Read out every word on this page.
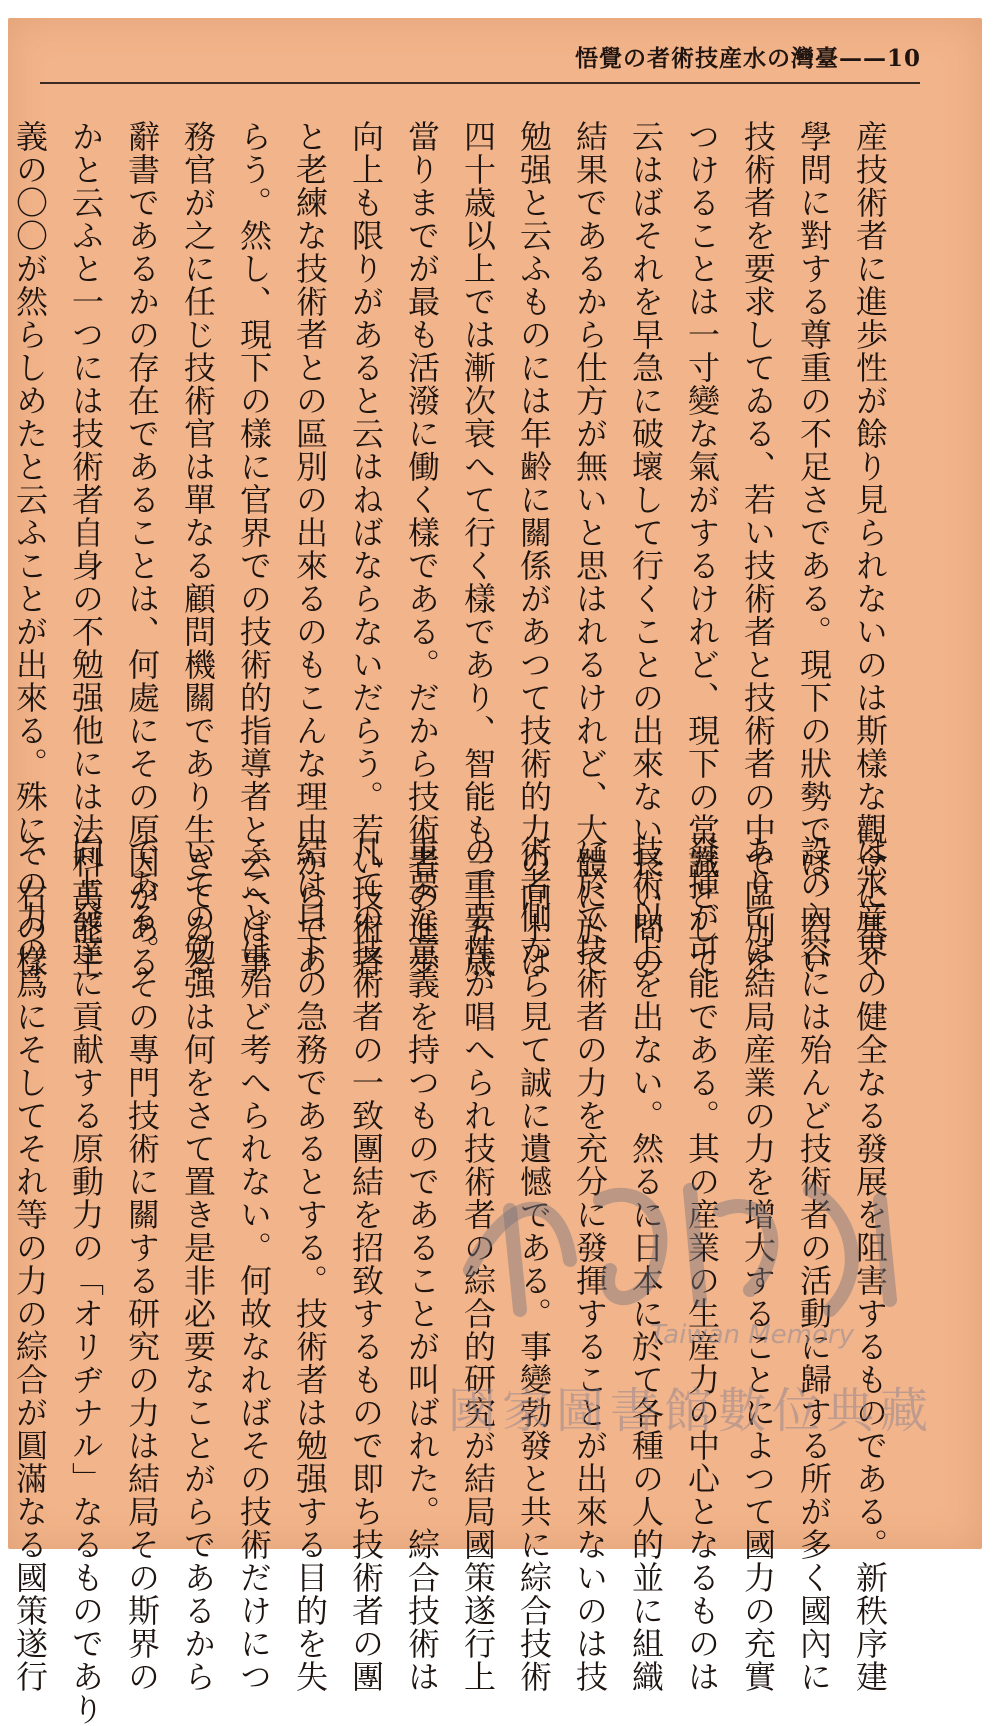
悟覺の者術技産水の灣臺——10
産技術者に進歩性が餘り見られないのは斯樣な觀念に基く
學問に對する尊重の不足さである。現下の狀勢では、若い
技術者を要求してゐる、若い技術者と技術者の中で區別を
つけることは一寸變な氣がするけれど、現下の常識として
云はばそれを早急に破壞して行くことの出來ない長い間の
結果であるから仕方が無いと思はれるけれど、大體に於て
勉强と云ふものには年齢に關係があつて技術的力の向上は
四十歳以上では漸次衰へて行く樣であり、智能も三十五歳
當りまでが最も活潑に働く樣である。だから技術者の進歩
向上も限りがあると云はねばならないだらう。若い技術者
と老練な技術者との區別の出來るのもこんな理由からであ
らう。然し、現下の樣に官界での技術的指導者と云へば事
務官が之に任じ技術官は單なる顧問機關であり生きてゐる
辭書であるかの存在であることは、何處にその原因がある
かと云ふと一つには技術者自身の不勉强他には法科萬能主
義の〇〇が然らしめたと云ふことが出來る。殊に、右の樣
は水産界の健全なる發展を阻害するものである。新秩序建
設の內容には殆んど技術者の活動に歸する所が多く國內に
ありては結局産業の力を增大することによつて國力の充實
發揮が可能である。其の産業の生産力の中心となるものは
技術以上を出ない。然るに日本に於て各種の人的並に組織
に於て技術者の力を充分に發揮することが出來ないのは技
術者側から見て誠に遺憾である。事變勃發と共に綜合技術
の重要性が唱へられ技術者の綜合的研究が結局國策遂行上
重要な意義を持つものであることが叫ばれた。綜合技術は
凡ての技術者の一致團結を招致するもので即ち技術者の團
結は目下の急務であるとする。技術者は勉强する目的を失
ふことは殆ど考へられない。何故なればその技術だけにつ
いての勉强は何をさて置き是非必要なことがらであるから
である。その專門技術に關する研究の力は結局その斯界の
向上發達に貢献する原動力の「オリヂナル」なるものであり
その力の爲にそしてそれ等の力の綜合が圓滿なる國策遂行	Taiwan Memory
國家圖書館數位典藏
